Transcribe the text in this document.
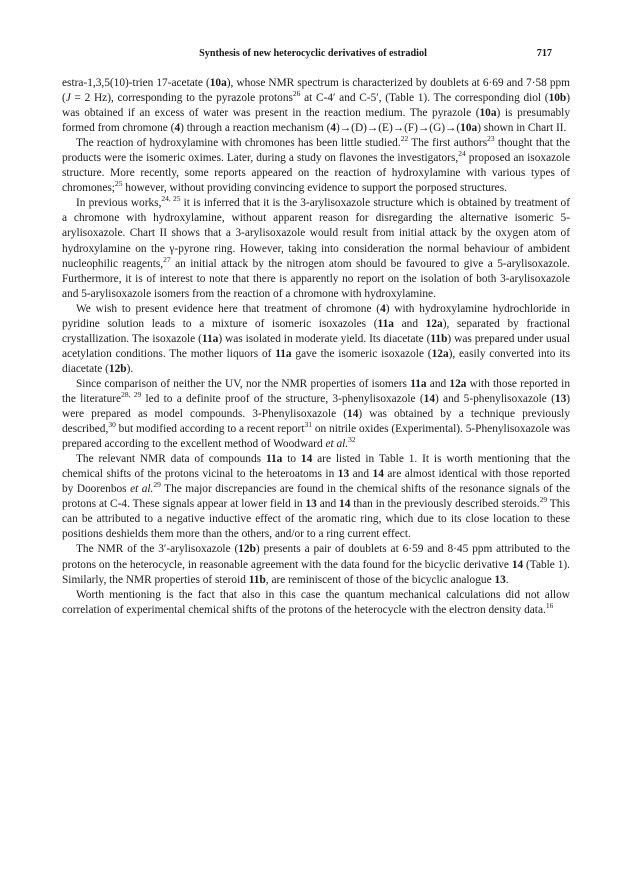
Synthesis of new heterocyclic derivatives of estradiol	717

estra-1,3,5(10)-trien 17-acetate (10a), whose NMR spectrum is characterized by doublets at 6·69 and 7·58 ppm (J = 2 Hz), corresponding to the pyrazole protons$^{26}$ at C-4′ and C-5′, (Table 1). The corresponding diol (10b) was obtained if an excess of water was present in the reaction medium. The pyrazole (10a) is presumably formed from chromone (4) through a reaction mechanism (4)→(D)→(E)→(F)→(G)→(10a) shown in Chart II.

The reaction of hydroxylamine with chromones has been little studied.$^{22}$ The first authors$^{23}$ thought that the products were the isomeric oximes. Later, during a study on flavones the investigators,$^{24}$ proposed an isoxazole structure. More recently, some reports appeared on the reaction of hydroxylamine with various types of chromones;$^{25}$ however, without providing convincing evidence to support the porposed structures.

In previous works,$^{24, 25}$ it is inferred that it is the 3-arylisoxazole structure which is obtained by treatment of a chromone with hydroxylamine, without apparent reason for disregarding the alternative isomeric 5-arylisoxazole. Chart II shows that a 3-arylisoxazole would result from initial attack by the oxygen atom of hydroxylamine on the γ-pyrone ring. However, taking into consideration the normal behaviour of ambident nucleophilic reagents,$^{27}$ an initial attack by the nitrogen atom should be favoured to give a 5-arylisoxazole. Furthermore, it is of interest to note that there is apparently no report on the isolation of both 3-arylisoxazole and 5-arylisoxazole isomers from the reaction of a chromone with hydroxylamine.

We wish to present evidence here that treatment of chromone (4) with hydroxylamine hydrochloride in pyridine solution leads to a mixture of isomeric isoxazoles (11a and 12a), separated by fractional crystallization. The isoxazole (11a) was isolated in moderate yield. Its diacetate (11b) was prepared under usual acetylation conditions. The mother liquors of 11a gave the isomeric isoxazole (12a), easily converted into its diacetate (12b).

Since comparison of neither the UV, nor the NMR properties of isomers 11a and 12a with those reported in the literature$^{28, 29}$ led to a definite proof of the structure, 3-phenylisoxazole (14) and 5-phenylisoxazole (13) were prepared as model compounds. 3-Phenylisoxazole (14) was obtained by a technique previously described,$^{30}$ but modified according to a recent report$^{31}$ on nitrile oxides (Experimental). 5-Phenylisoxazole was prepared according to the excellent method of Woodward et al.$^{32}$

The relevant NMR data of compounds 11a to 14 are listed in Table 1. It is worth mentioning that the chemical shifts of the protons vicinal to the heteroatoms in 13 and 14 are almost identical with those reported by Doorenbos et al.$^{29}$ The major discrepancies are found in the chemical shifts of the resonance signals of the protons at C-4. These signals appear at lower field in 13 and 14 than in the previously described steroids.$^{29}$ This can be attributed to a negative inductive effect of the aromatic ring, which due to its close location to these positions deshields them more than the others, and/or to a ring current effect.

The NMR of the 3′-arylisoxazole (12b) presents a pair of doublets at 6·59 and 8·45 ppm attributed to the protons on the heterocycle, in reasonable agreement with the data found for the bicyclic derivative 14 (Table 1). Similarly, the NMR properties of steroid 11b, are reminiscent of those of the bicyclic analogue 13.

Worth mentioning is the fact that also in this case the quantum mechanical calculations did not allow correlation of experimental chemical shifts of the protons of the heterocycle with the electron density data.$^{16}$
